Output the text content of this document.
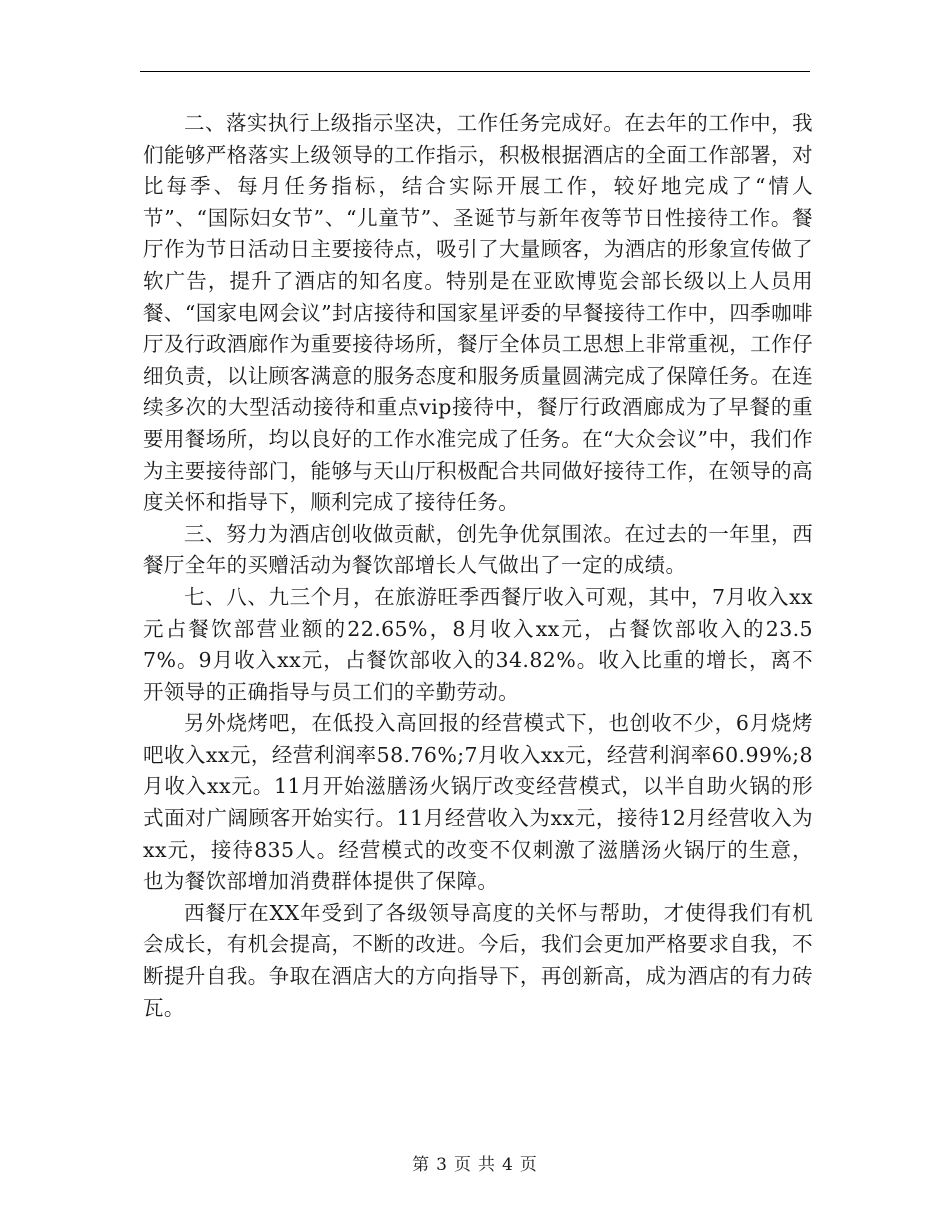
二、落实执行上级指示坚决，工作任务完成好。在去年的工作中，我们能够严格落实上级领导的工作指示，积极根据酒店的全面工作部署，对比每季、每月任务指标，结合实际开展工作，较好地完成了“情人节”、“国际妇女节”、“儿童节”、圣诞节与新年夜等节日性接待工作。餐厅作为节日活动日主要接待点，吸引了大量顾客，为酒店的形象宣传做了软广告，提升了酒店的知名度。特别是在亚欧博览会部长级以上人员用餐、“国家电网会议”封店接待和国家星评委的早餐接待工作中，四季咖啡厅及行政酒廊作为重要接待场所，餐厅全体员工思想上非常重视，工作仔细负责，以让顾客满意的服务态度和服务质量圆满完成了保障任务。在连续多次的大型活动接待和重点vip接待中，餐厅行政酒廊成为了早餐的重要用餐场所，均以良好的工作水准完成了任务。在“大众会议”中，我们作为主要接待部门，能够与天山厅积极配合共同做好接待工作，在领导的高度关怀和指导下，顺利完成了接待任务。

三、努力为酒店创收做贡献，创先争优氛围浓。在过去的一年里，西餐厅全年的买赠活动为餐饮部增长人气做出了一定的成绩。

七、八、九三个月，在旅游旺季西餐厅收入可观，其中，7月收入xx元占餐饮部营业额的22.65%，8月收入xx元，占餐饮部收入的23.57%。9月收入xx元，占餐饮部收入的34.82%。收入比重的增长，离不开领导的正确指导与员工们的辛勤劳动。

另外烧烤吧，在低投入高回报的经营模式下，也创收不少，6月烧烤吧收入xx元，经营利润率58.76%;7月收入xx元，经营利润率60.99%;8月收入xx元。11月开始滋膳汤火锅厅改变经营模式，以半自助火锅的形式面对广阔顾客开始实行。11月经营收入为xx元，接待12月经营收入为xx元，接待835人。经营模式的改变不仅刺激了滋膳汤火锅厅的生意，也为餐饮部增加消费群体提供了保障。

西餐厅在XX年受到了各级领导高度的关怀与帮助，才使得我们有机会成长，有机会提高，不断的改进。今后，我们会更加严格要求自我，不断提升自我。争取在酒店大的方向指导下，再创新高，成为酒店的有力砖瓦。

第 3 页 共 4 页
